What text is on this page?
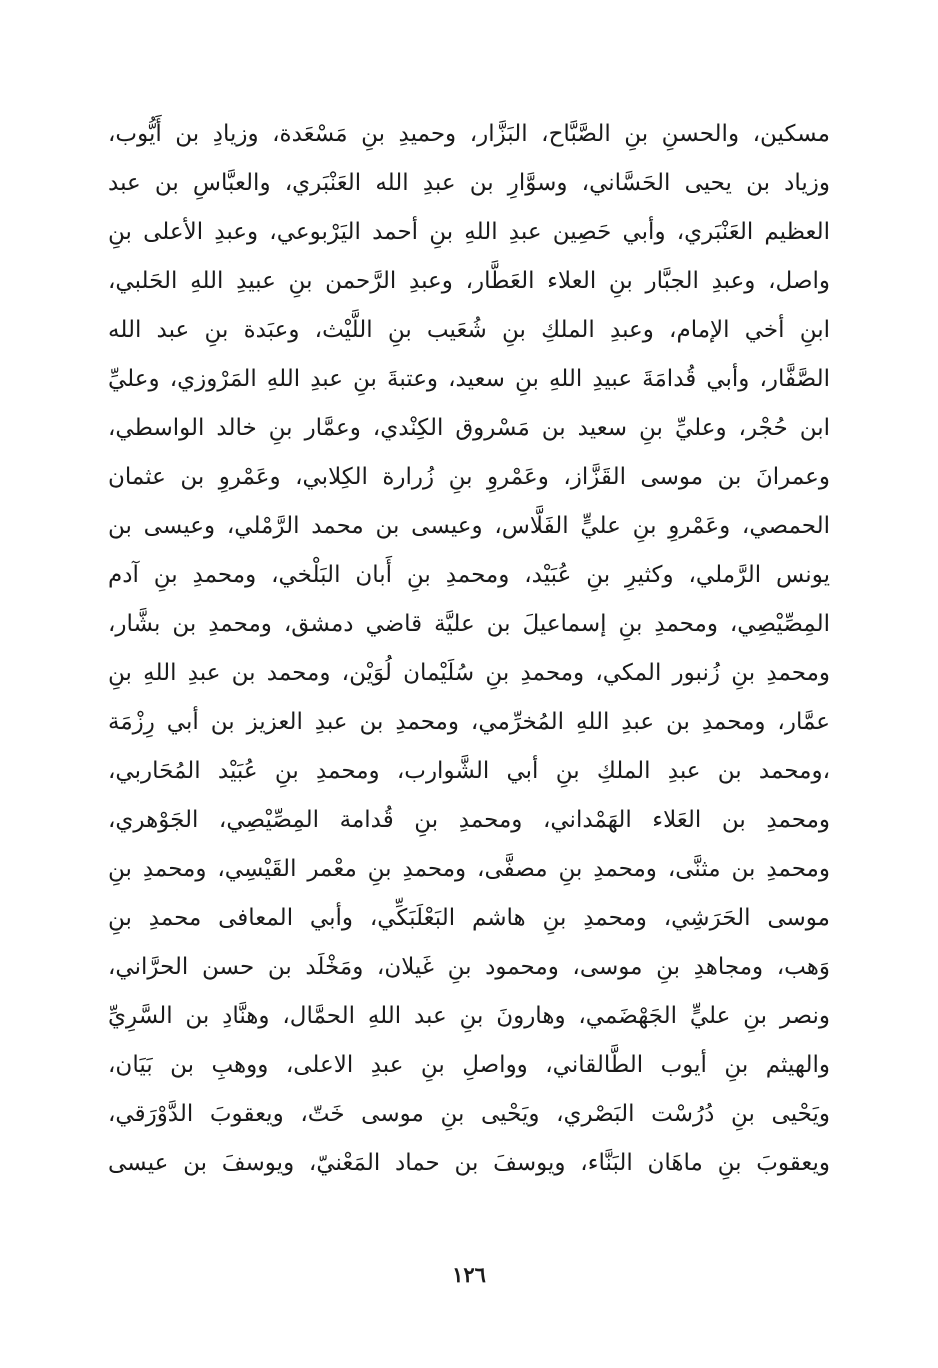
مسكين، والحسنِ بنِ الصَّبَّاح، البَزَّار، وحميدِ بنِ مَسْعَدة، وزيادِ بن أَيُّوب،
وزياد بن يحيى الحَسَّاني، وسوَّارِ بن عبدِ الله العَنْبَري، والعبَّاسِ بن عبد
العظيم العَنْبَري، وأبي حَصِين عبدِ اللهِ بنِ أحمد اليَرْبوعي، وعبدِ الأعلى بنِ
واصل، وعبدِ الجبَّار بنِ العلاء العَطَّار، وعبدِ الرَّحمن بنِ عبيدِ اللهِ الحَلبي،
ابنِ أخي الإمام، وعبدِ الملكِ بنِ شُعَيب بنِ اللَّيْث، وعبَدة بنِ عبد الله
الصَّفَّار، وأبي قُدامَةَ عبيدِ اللهِ بنِ سعيد، وعتبةَ بنِ عبدِ اللهِ المَرْوزي، وعليِّ
ابن حُجْر، وعليِّ بنِ سعيد بن مَسْروق الكِنْدي، وعمَّار بنِ خالد الواسطي،
وعمرانَ بن موسى القَزَّاز، وعَمْروِ بنِ زُرارة الكِلابي، وعَمْروِ بن عثمان
الحمصي، وعَمْروِ بنِ عليٍّ الفَلَّاس، وعيسى بن محمد الرَّمْلي، وعيسى بن
يونس الرَّملي، وكثيرِ بنِ عُبَيْد، ومحمدِ بنِ أَبان البَلْخي، ومحمدِ بنِ آدم
المِصِّيْصِي، ومحمدِ بنِ إسماعيلَ بن عليَّة قاضي دمشق، ومحمدِ بن بشَّار،
ومحمدِ بنِ زُنبور المكي، ومحمدِ بنِ سُلَيْمان لُوَيْن، ومحمد بن عبدِ اللهِ بنِ
عمَّار، ومحمدِ بن عبدِ اللهِ المُخرِّمي، ومحمدِ بن عبدِ العزيز بن أبي رِزْمَة
،ومحمد بن عبدِ الملكِ بنِ أبي الشَّوارب، ومحمدِ بنِ عُبَيْد المُحَاربي،
ومحمدِ بن العَلاء الهَمْداني، ومحمدِ بنِ قُدامة المِصِّيْصِي، الجَوْهري،
ومحمدِ بن مثنَّى، ومحمدِ بنِ مصفَّى، ومحمدِ بنِ معْمر القَيْسِي، ومحمدِ بنِ
موسى الحَرَشِي، ومحمدِ بنِ هاشم البَعْلَبَكِّي، وأبي المعافى محمدِ بنِ
وَهب، ومجاهدِ بنِ موسى، ومحمود بنِ غَيلان، ومَخْلَد بن حسن الحرَّاني،
ونصر بنِ عليٍّ الجَهْضَمي، وهارونَ بنِ عبد اللهِ الحمَّال، وهنَّادِ بن السَّرِيِّ
والهيثم بنِ أيوب الطَّالقاني، وواصلِ بنِ عبدِ الاعلى، ووهبِ بن بَيَان،
ويَحْيى بنِ دُرُسْت البَصْري، ويَحْيى بنِ موسى خَتّ، ويعقوبَ الدَّوْرَقي،
ويعقوبَ بنِ ماهَان البَنَّاء، ويوسفَ بن حماد المَعْنيّ، ويوسفَ بن عيسى
١٢٦
